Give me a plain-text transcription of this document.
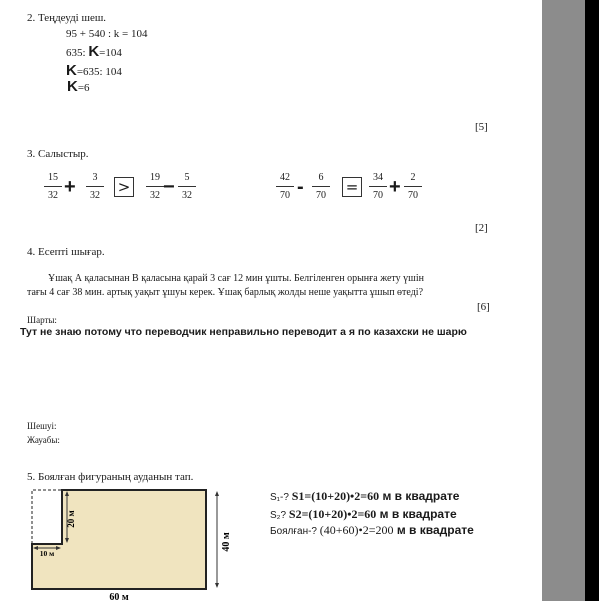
2. Теңдеуді шеш.
95 + 540 : k = 104
635: K=104
K=635: 104
K=6
[5]
3. Салыстыр.
15
32 +	3
32 >
19
32 − 5
32
42
70 -	6
70 =
34
70 + 2
70
[2]
4. Есепті шығар.
Ұшақ А қаласынан В қаласына қарай 3 сағ 12 мин ұшты. Белгіленген орынға жету үшін
тағы 4 сағ 38 мин. артық уақыт ұшуы керек. Ұшақ барлық жолды неше уақытта ұшып өтеді?
[6]
Шарты:
Тут не знаю потому что переводчик неправильно переводит а я по казахски не шарю
Шешуі:
Жауабы:
5. Боялған фигураның ауданын тап.
20 м
10 м
40 м
60 м
S₁-? S1=(10+20)•2=60 м в квадрате
S₂? S2=(10+20)•2=60 м в квадрате
Боялған-? (40+60)•2=200 м в квадрате
